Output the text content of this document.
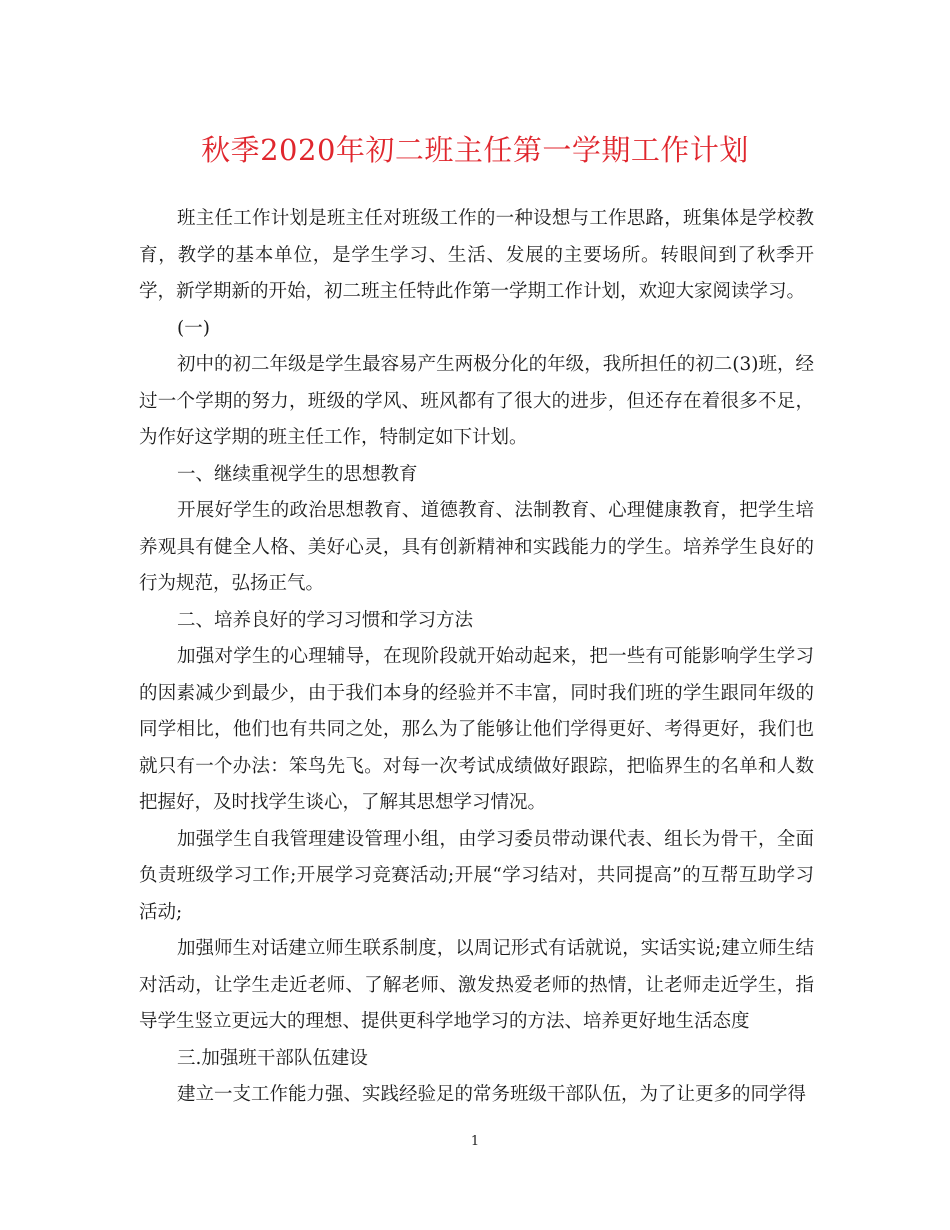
秋季2020年初二班主任第一学期工作计划

班主任工作计划是班主任对班级工作的一种设想与工作思路，班集体是学校教育，教学的基本单位，是学生学习、生活、发展的主要场所。转眼间到了秋季开学，新学期新的开始，初二班主任特此作第一学期工作计划，欢迎大家阅读学习。

(一)

初中的初二年级是学生最容易产生两极分化的年级，我所担任的初二(3)班，经过一个学期的努力，班级的学风、班风都有了很大的进步，但还存在着很多不足，为作好这学期的班主任工作，特制定如下计划。

一、继续重视学生的思想教育

开展好学生的政治思想教育、道德教育、法制教育、心理健康教育，把学生培养观具有健全人格、美好心灵，具有创新精神和实践能力的学生。培养学生良好的行为规范，弘扬正气。

二、培养良好的学习习惯和学习方法

加强对学生的心理辅导，在现阶段就开始动起来，把一些有可能影响学生学习的因素减少到最少，由于我们本身的经验并不丰富，同时我们班的学生跟同年级的同学相比，他们也有共同之处，那么为了能够让他们学得更好、考得更好，我们也就只有一个办法：笨鸟先飞。对每一次考试成绩做好跟踪，把临界生的名单和人数把握好，及时找学生谈心，了解其思想学习情况。

加强学生自我管理建设管理小组，由学习委员带动课代表、组长为骨干，全面负责班级学习工作;开展学习竞赛活动;开展“学习结对，共同提高”的互帮互助学习活动;

加强师生对话建立师生联系制度，以周记形式有话就说，实话实说;建立师生结对活动，让学生走近老师、了解老师、激发热爱老师的热情，让老师走近学生，指导学生竖立更远大的理想、提供更科学地学习的方法、培养更好地生活态度

三.加强班干部队伍建设

建立一支工作能力强、实践经验足的常务班级干部队伍，为了让更多的同学得

1
